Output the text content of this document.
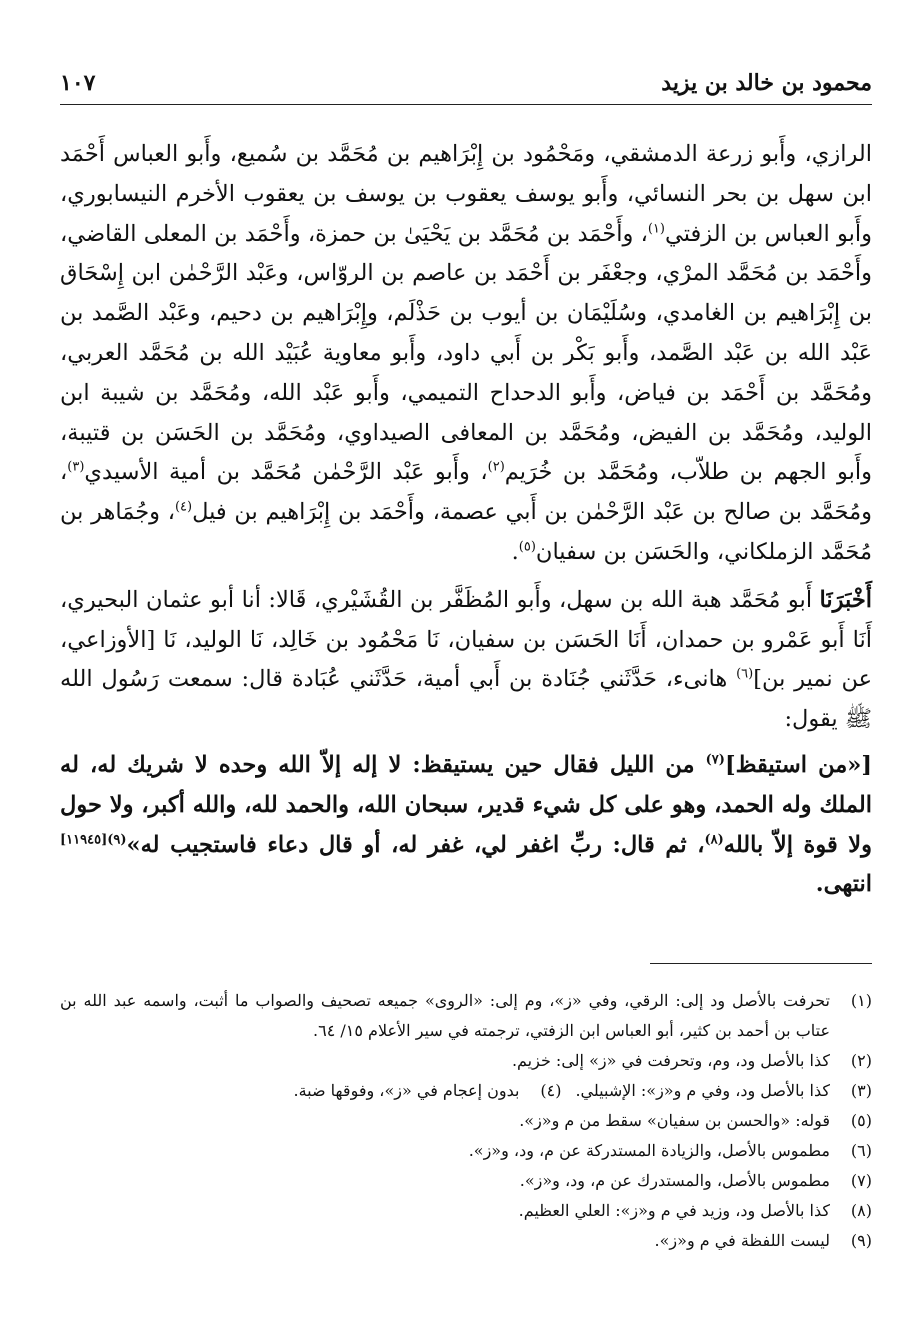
محمود بن خالد بن يزيد
١٠٧

الرازي، وأَبو زرعة الدمشقي، ومَحْمُود بن إِبْرَاهيم بن مُحَمَّد بن سُميع، وأَبو العباس أَحْمَد ابن سهل بن بحر النسائي، وأَبو يوسف يعقوب بن يوسف بن يعقوب الأخرم النيسابوري، وأَبو العباس بن الزفتي$^{(١)}$، وأَحْمَد بن مُحَمَّد بن يَحْيَىٰ بن حمزة، وأَحْمَد بن المعلى القاضي، وأَحْمَد بن مُحَمَّد المرْي، وجعْفَر بن أَحْمَد بن عاصم بن الروّاس، وعَبْد الرَّحْمٰن ابن إِسْحَاق بن إِبْرَاهيم بن الغامدي، وسُلَيْمَان بن أيوب بن حَذْلَم، وإِبْرَاهيم بن دحيم، وعَبْد الصَّمد بن عَبْد الله بن عَبْد الصَّمد، وأَبو بَكْر بن أَبي داود، وأَبو معاوية عُبَيْد الله بن مُحَمَّد العربي، ومُحَمَّد بن أَحْمَد بن فياض، وأَبو الدحداح التميمي، وأَبو عَبْد الله، ومُحَمَّد بن شيبة ابن الوليد، ومُحَمَّد بن الفيض، ومُحَمَّد بن المعافى الصيداوي، ومُحَمَّد بن الحَسَن بن قتيبة، وأَبو الجهم بن طلاّب، ومُحَمَّد بن خُرَيم$^{(٢)}$، وأَبو عَبْد الرَّحْمٰن مُحَمَّد بن أمية الأسيدي$^{(٣)}$، ومُحَمَّد بن صالح بن عَبْد الرَّحْمٰن بن أَبي عصمة، وأَحْمَد بن إِبْرَاهيم بن فيل$^{(٤)}$، وجُمَاهر بن مُحَمَّد الزملكاني، والحَسَن بن سفيان$^{(٥)}$.

أَخْبَرَنَا أَبو مُحَمَّد هبة الله بن سهل، وأَبو المُظَفَّر بن القُشَيْري، قَالا: أنا أبو عثمان البحيري، أَنَا أَبو عَمْرو بن حمدان، أَنَا الحَسَن بن سفيان، نَا مَحْمُود بن خَالِد، نَا الوليد، نَا [الأوزاعي، عن نمير بن]$^{(٦)}$ هانىء، حَدَّثَني جُنَادة بن أَبي أمية، حَدَّثَني عُبَادة قال: سمعت رَسُول الله ﷺ يقول:

[«من استيقظ]$^{(٧)}$ من الليل فقال حين يستيقظ: لا إله إلاّ الله وحده لا شريك له، له الملك وله الحمد، وهو على كل شيء قدير، سبحان الله، والحمد لله، والله أكبر، ولا حول ولا قوة إلاّ بالله$^{(٨)}$، ثم قال: ربِّ اغفر لي، غفر له، أو قال دعاء فاستجيب له»$^{(٩)[١١٩٤٥]}$ انتهى.

(١)
تحرفت بالأصل ود إلى: الرقي، وفي «ز»، وم إلى: «الروى» جميعه تصحيف والصواب ما أثبت، واسمه عبد الله بن عتاب بن أحمد بن كثير، أبو العباس ابن الزفتي، ترجمته في سير الأعلام ١٥/ ٦٤.
(٢)
كذا بالأصل ود، وم، وتحرفت في «ز» إلى: خزيم.
(٣)
كذا بالأصل ود، وفي م و«ز»: الإشبيلي.
(٤)
بدون إعجام في «ز»، وفوقها ضبة.
(٥)
قوله: «والحسن بن سفيان» سقط من م و«ز».
(٦)
مطموس بالأصل، والزيادة المستدركة عن م، ود، و«ز».
(٧)
مطموس بالأصل، والمستدرك عن م، ود، و«ز».
(٨)
كذا بالأصل ود، وزيد في م و«ز»: العلي العظيم.
(٩)
ليست اللفظة في م و«ز».
